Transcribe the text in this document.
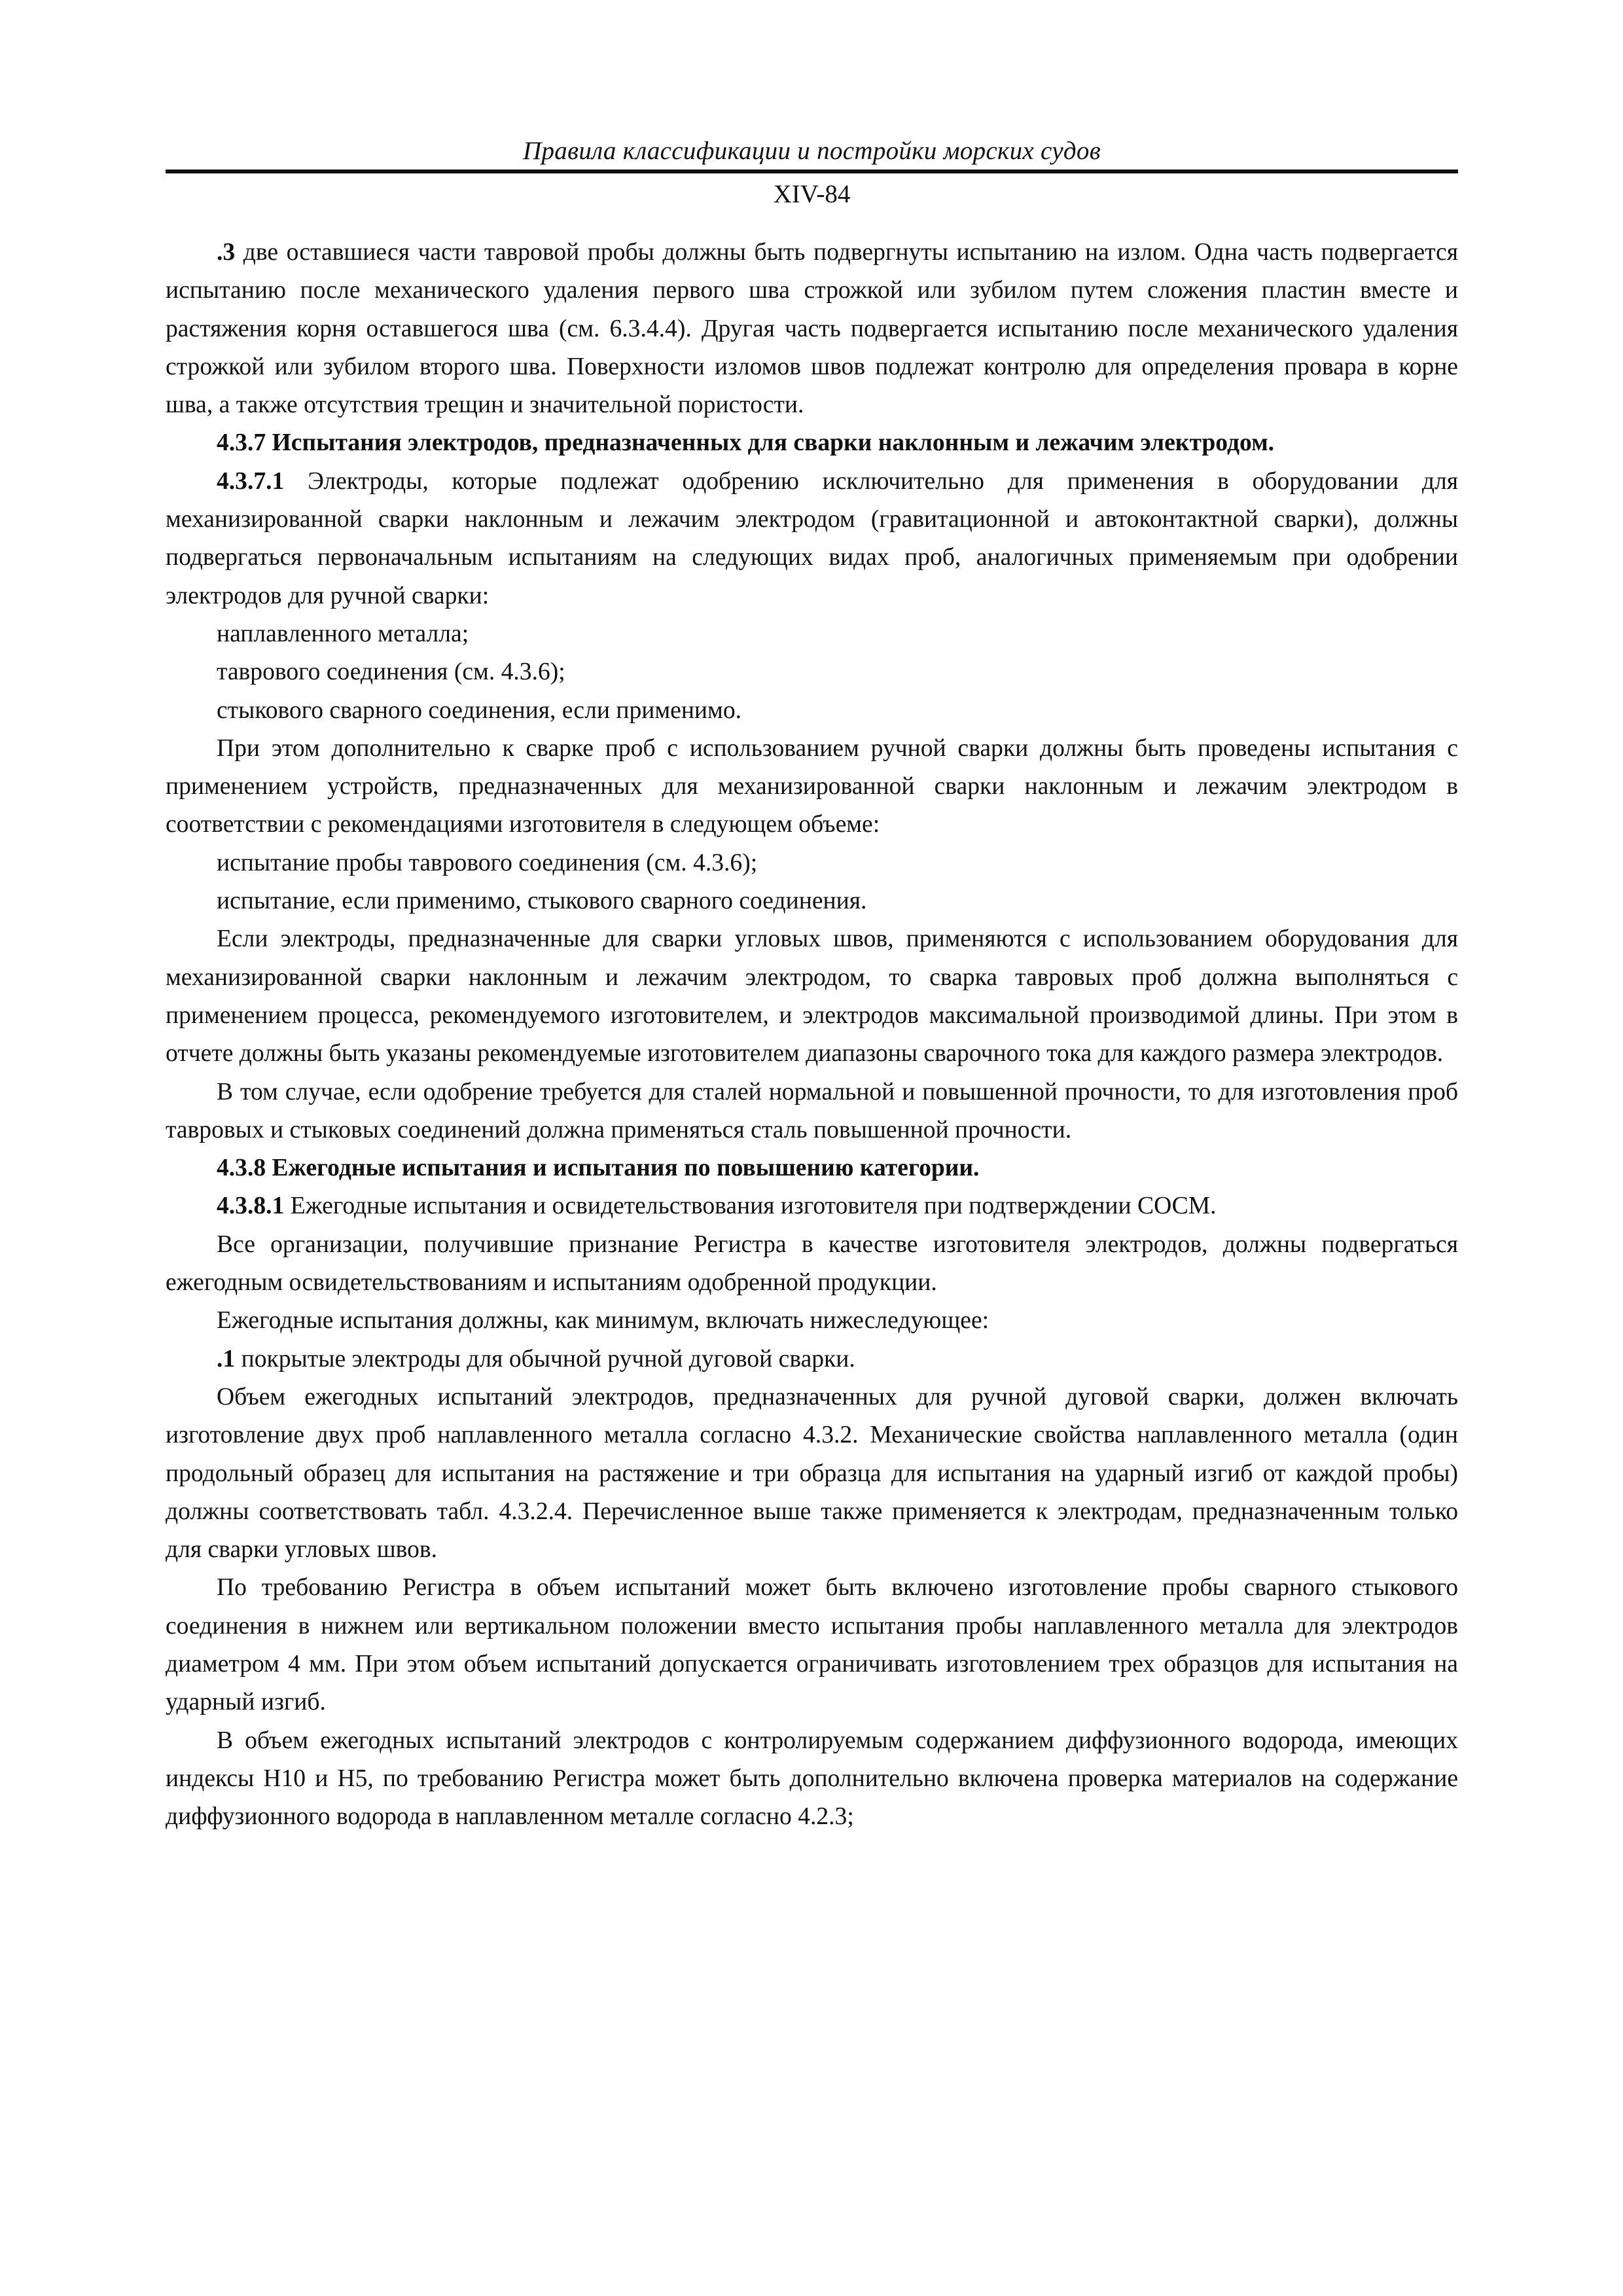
Правила классификации и постройки морских судов
XIV-84

.3 две оставшиеся части тавровой пробы должны быть подвергнуты испытанию на излом. Одна часть подвергается испытанию после механического удаления первого шва строжкой или зубилом путем сложения пластин вместе и растяжения корня оставшегося шва (см. 6.3.4.4). Другая часть подвергается испытанию после механического удаления строжкой или зубилом второго шва. Поверхности изломов швов подлежат контролю для определения провара в корне шва, а также отсутствия трещин и значительной пористости.

4.3.7 Испытания электродов, предназначенных для сварки наклонным и лежачим электродом.

4.3.7.1 Электроды, которые подлежат одобрению исключительно для применения в оборудовании для механизированной сварки наклонным и лежачим электродом (гравитационной и автоконтактной сварки), должны подвергаться первоначальным испытаниям на следующих видах проб, аналогичных применяемым при одобрении электродов для ручной сварки:

наплавленного металла;

таврового соединения (см. 4.3.6);

стыкового сварного соединения, если применимо.

При этом дополнительно к сварке проб с использованием ручной сварки должны быть проведены испытания с применением устройств, предназначенных для механизированной сварки наклонным и лежачим электродом в соответствии с рекомендациями изготовителя в следующем объеме:

испытание пробы таврового соединения (см. 4.3.6);

испытание, если применимо, стыкового сварного соединения.

Если электроды, предназначенные для сварки угловых швов, применяются с использованием оборудования для механизированной сварки наклонным и лежачим электродом, то сварка тавровых проб должна выполняться с применением процесса, рекомендуемого изготовителем, и электродов максимальной производимой длины. При этом в отчете должны быть указаны рекомендуемые изготовителем диапазоны сварочного тока для каждого размера электродов.

В том случае, если одобрение требуется для сталей нормальной и повышенной прочности, то для изготовления проб тавровых и стыковых соединений должна применяться сталь повышенной прочности.

4.3.8 Ежегодные испытания и испытания по повышению категории.

4.3.8.1 Ежегодные испытания и освидетельствования изготовителя при подтверждении СОСМ.

Все организации, получившие признание Регистра в качестве изготовителя электродов, должны подвергаться ежегодным освидетельствованиям и испытаниям одобренной продукции.

Ежегодные испытания должны, как минимум, включать нижеследующее:

.1 покрытые электроды для обычной ручной дуговой сварки.

Объем ежегодных испытаний электродов, предназначенных для ручной дуговой сварки, должен включать изготовление двух проб наплавленного металла согласно 4.3.2. Механические свойства наплавленного металла (один продольный образец для испытания на растяжение и три образца для испытания на ударный изгиб от каждой пробы) должны соответствовать табл. 4.3.2.4. Перечисленное выше также применяется к электродам, предназначенным только для сварки угловых швов.

По требованию Регистра в объем испытаний может быть включено изготовление пробы сварного стыкового соединения в нижнем или вертикальном положении вместо испытания пробы наплавленного металла для электродов диаметром 4 мм. При этом объем испытаний допускается ограничивать изготовлением трех образцов для испытания на ударный изгиб.

В объем ежегодных испытаний электродов с контролируемым содержанием диффузионного водорода, имеющих индексы Н10 и Н5, по требованию Регистра может быть дополнительно включена проверка материалов на содержание диффузионного водорода в наплавленном металле согласно 4.2.3;
